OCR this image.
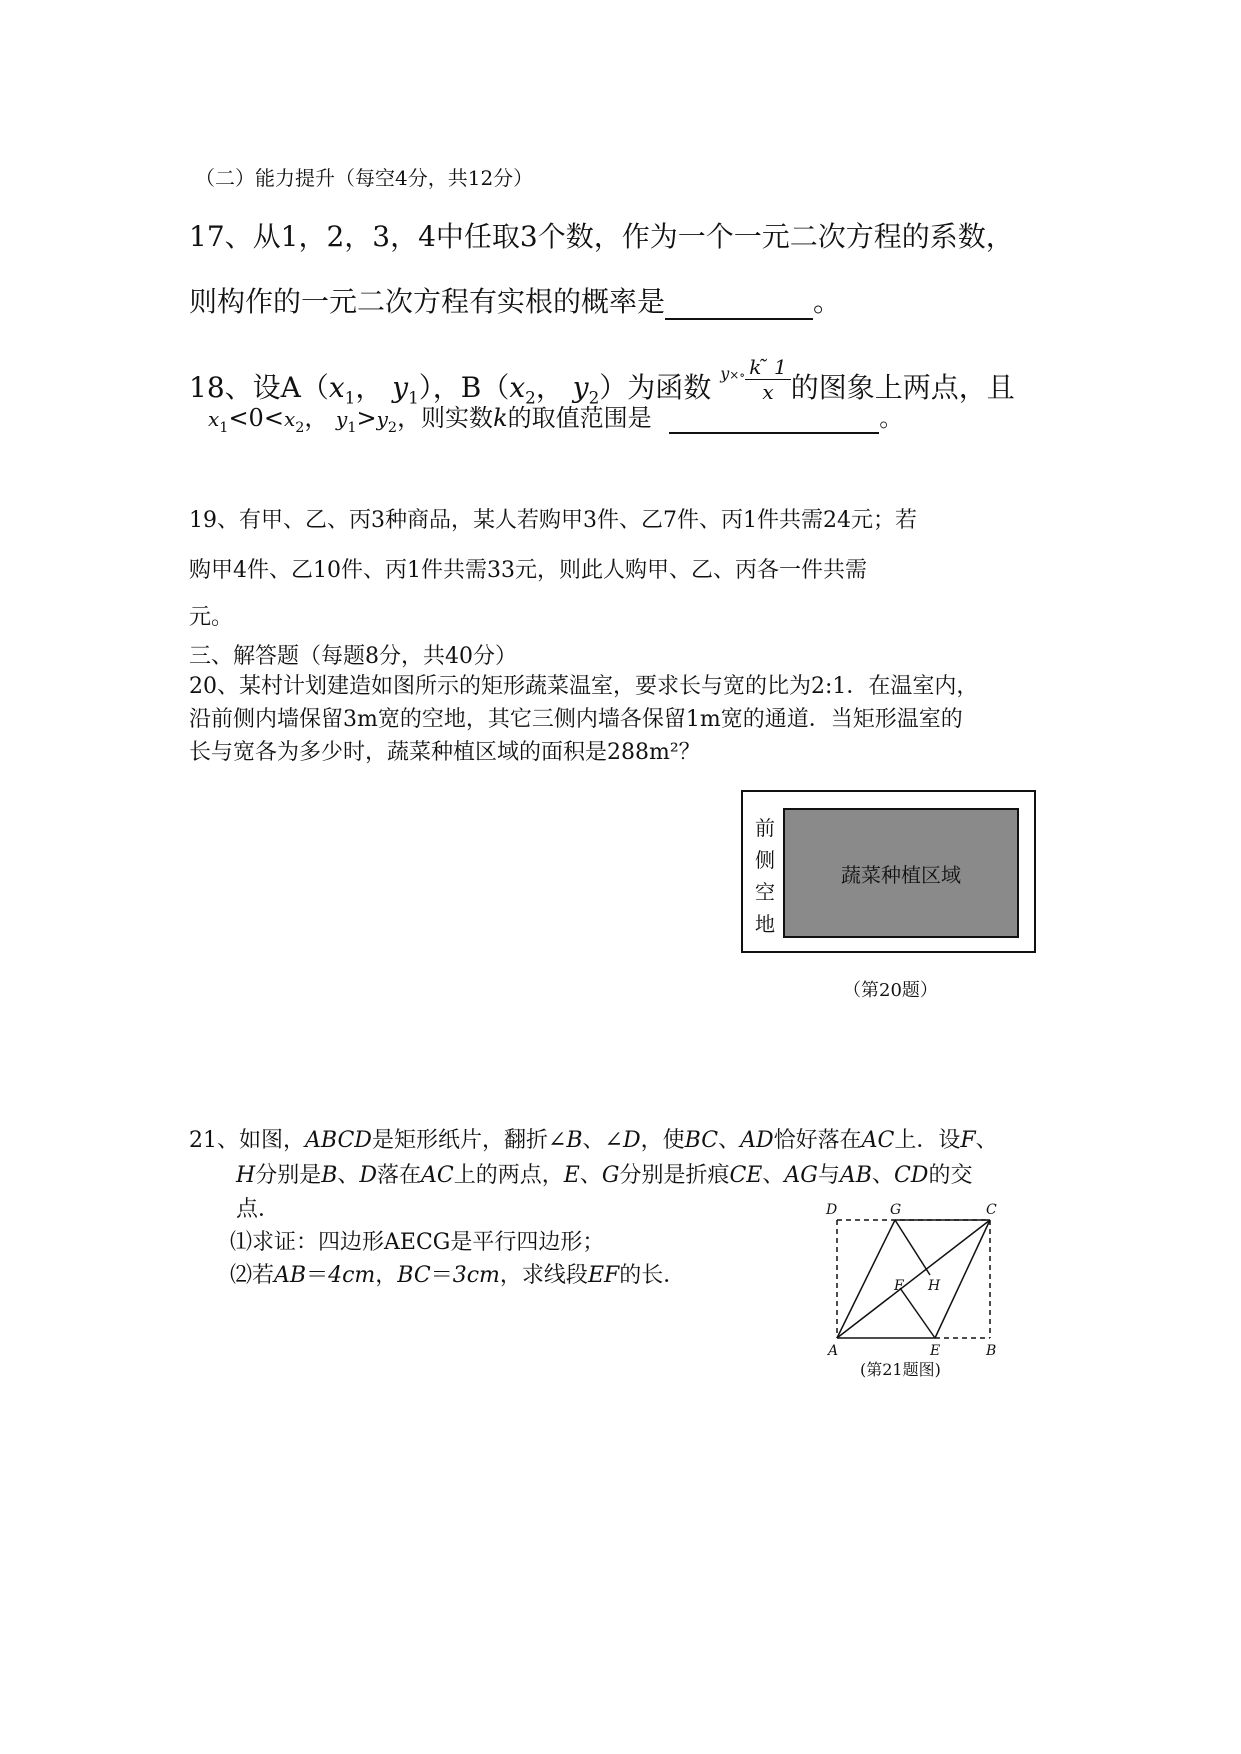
（二）能力提升（每空4分，共12分）
17、从1，2，3，4中任取3个数，作为一个一元二次方程的系数，
则构作的一元二次方程有实根的概率是	。
18、设$A(x_1$， $y_1$），$B(x_2$， $y_2$）为函数 y×∘ $\frac{k ̃ 1}{x}$ 的图象上两点，且
$x_1<0<x_2$， $y_1>y_2$，则实数k的取值范围是	。
19、有甲、乙、丙3种商品，某人若购甲3件、乙7件、丙1件共需24元；若
购甲4件、乙10件、丙1件共需33元，则此人购甲、乙、丙各一件共需
元。
三、解答题（每题8分，共40分）
20、某村计划建造如图所示的矩形蔬菜温室，要求长与宽的比为2:1．在温室内，
沿前侧内墙保留3m宽的空地，其它三侧内墙各保留1m宽的通道．当矩形温室的
长与宽各为多少时，蔬菜种植区域的面积是288m²？
前
侧
空
地
蔬菜种植区域
（第20题）
21、如图，ABCD是矩形纸片，翻折∠B、∠D，使BC、AD恰好落在AC上．设F、
H分别是B、D落在AC上的两点，E、G分别是折痕CE、AG与AB、CD的交
点．
⑴求证：四边形AECG是平行四边形；
⑵若AB＝4cm，BC＝3cm，求线段EF的长．
D	G	C
F H
A	E	B
(第21题图)
